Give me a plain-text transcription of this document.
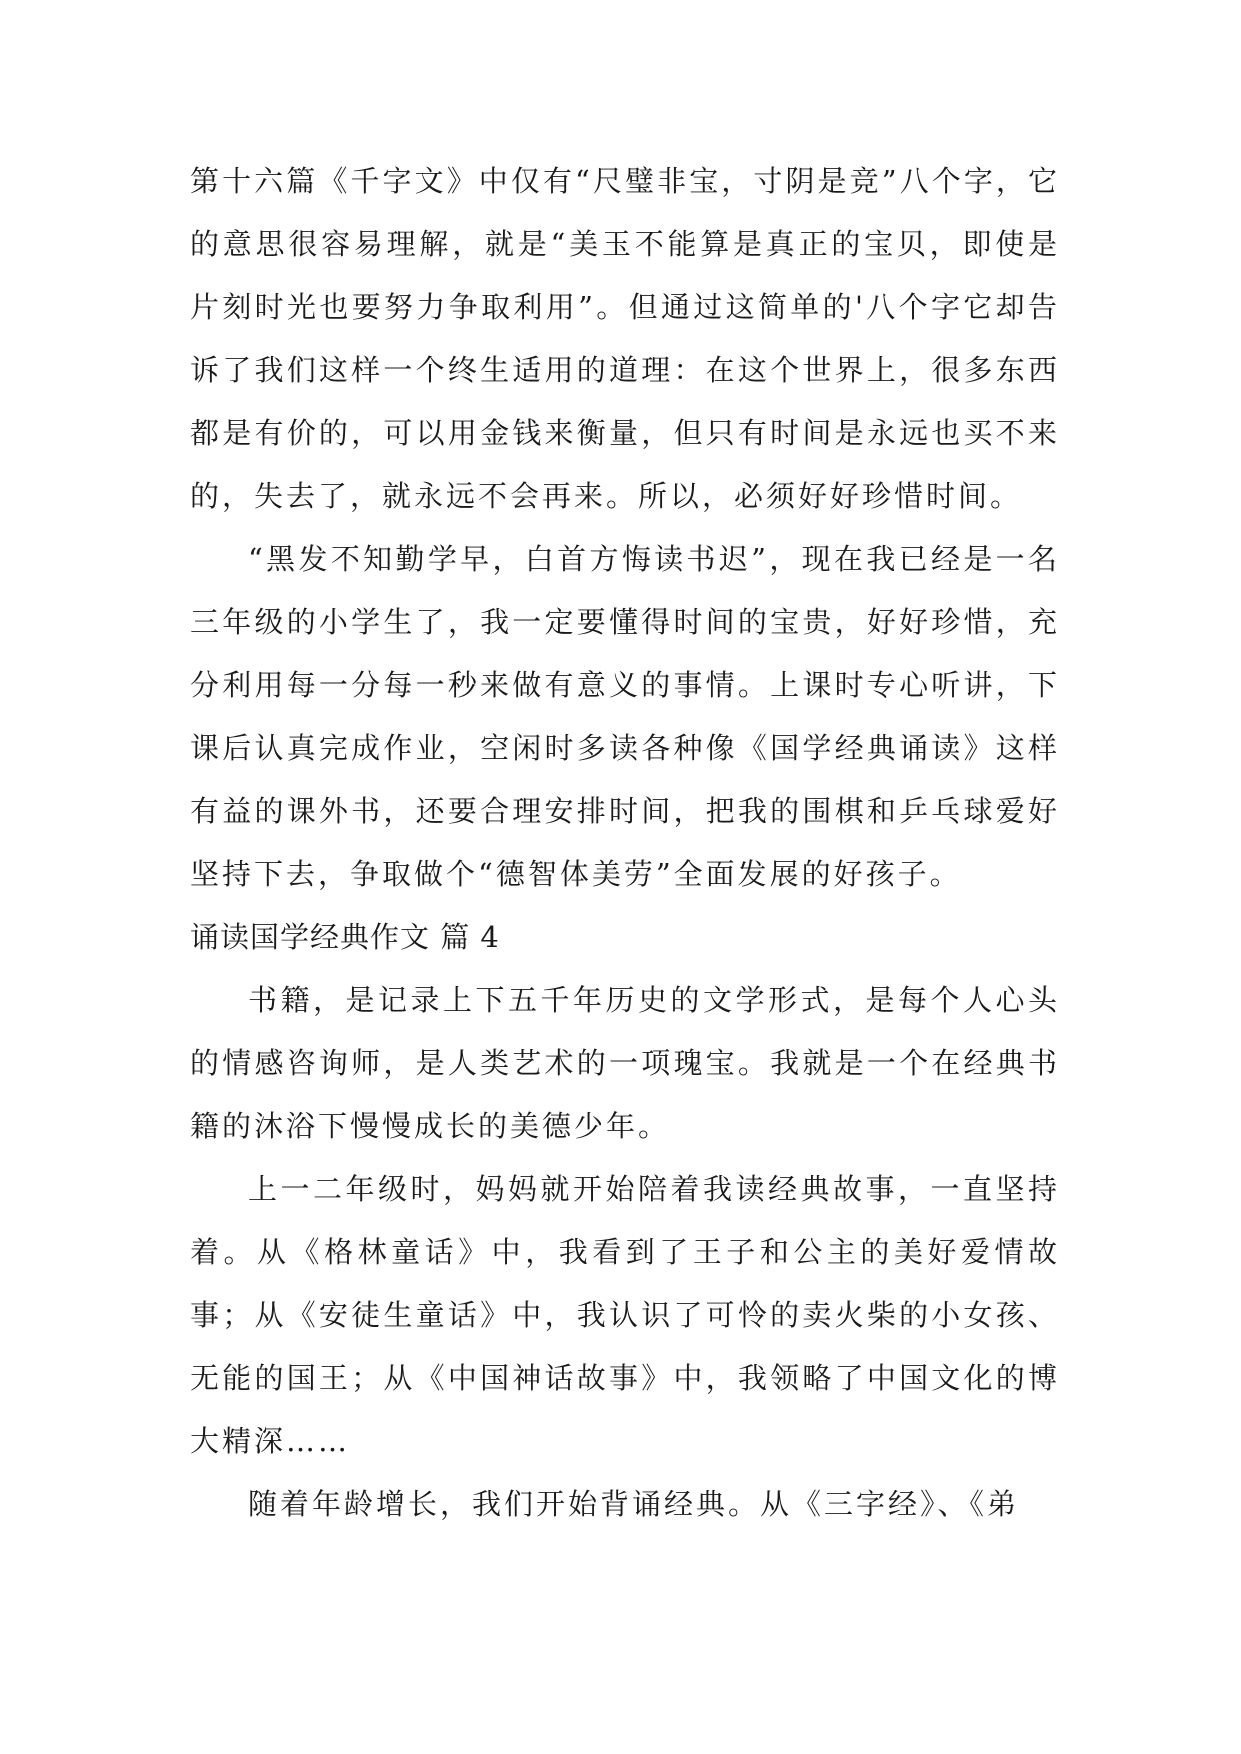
第十六篇《千字文》中仅有“尺璧非宝，寸阴是竞”八个字，它的意思很容易理解，就是“美玉不能算是真正的宝贝，即使是片刻时光也要努力争取利用”。但通过这简单的'八个字它却告诉了我们这样一个终生适用的道理：在这个世界上，很多东西都是有价的，可以用金钱来衡量，但只有时间是永远也买不来的，失去了，就永远不会再来。所以，必须好好珍惜时间。

“黑发不知勤学早，白首方悔读书迟”，现在我已经是一名三年级的小学生了，我一定要懂得时间的宝贵，好好珍惜，充分利用每一分每一秒来做有意义的事情。上课时专心听讲，下课后认真完成作业，空闲时多读各种像《国学经典诵读》这样有益的课外书，还要合理安排时间，把我的围棋和乒乓球爱好坚持下去，争取做个“德智体美劳”全面发展的好孩子。

诵读国学经典作文 篇 4

书籍，是记录上下五千年历史的文学形式，是每个人心头的情感咨询师，是人类艺术的一项瑰宝。我就是一个在经典书籍的沐浴下慢慢成长的美德少年。

上一二年级时，妈妈就开始陪着我读经典故事，一直坚持着。从《格林童话》中，我看到了王子和公主的美好爱情故事；从《安徒生童话》中，我认识了可怜的卖火柴的小女孩、无能的国王；从《中国神话故事》中，我领略了中国文化的博大精深……

随着年龄增长，我们开始背诵经典。从《三字经》、《弟
